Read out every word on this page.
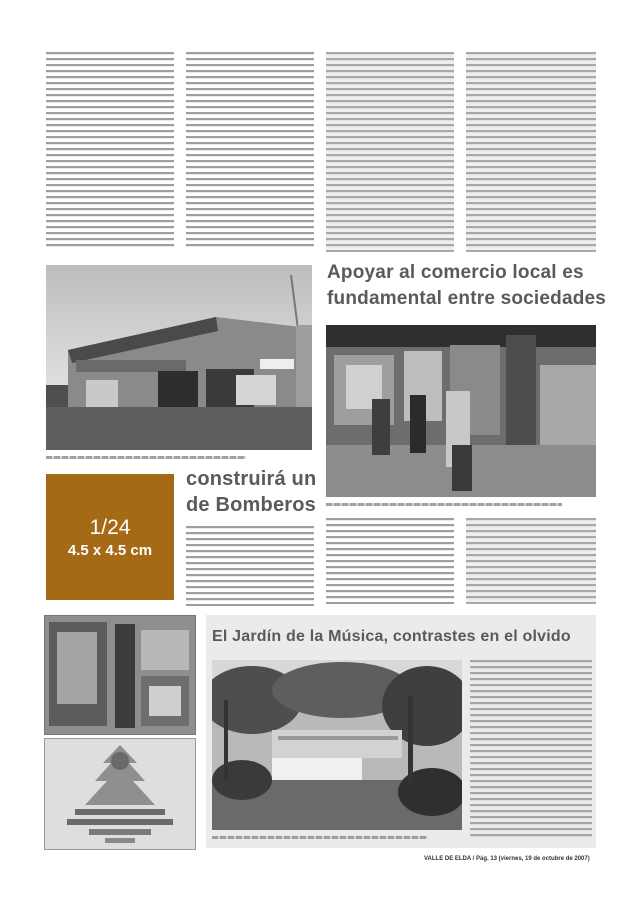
Apoyar al comercio local es
fundamental entre sociedades
1/24
4.5 x 4.5 cm
construirá un
de Bomberos
El Jardín de la Música, contrastes en el olvido
VALLE DE ELDA / Pág. 13 (viernes, 19 de octubre de 2007)
